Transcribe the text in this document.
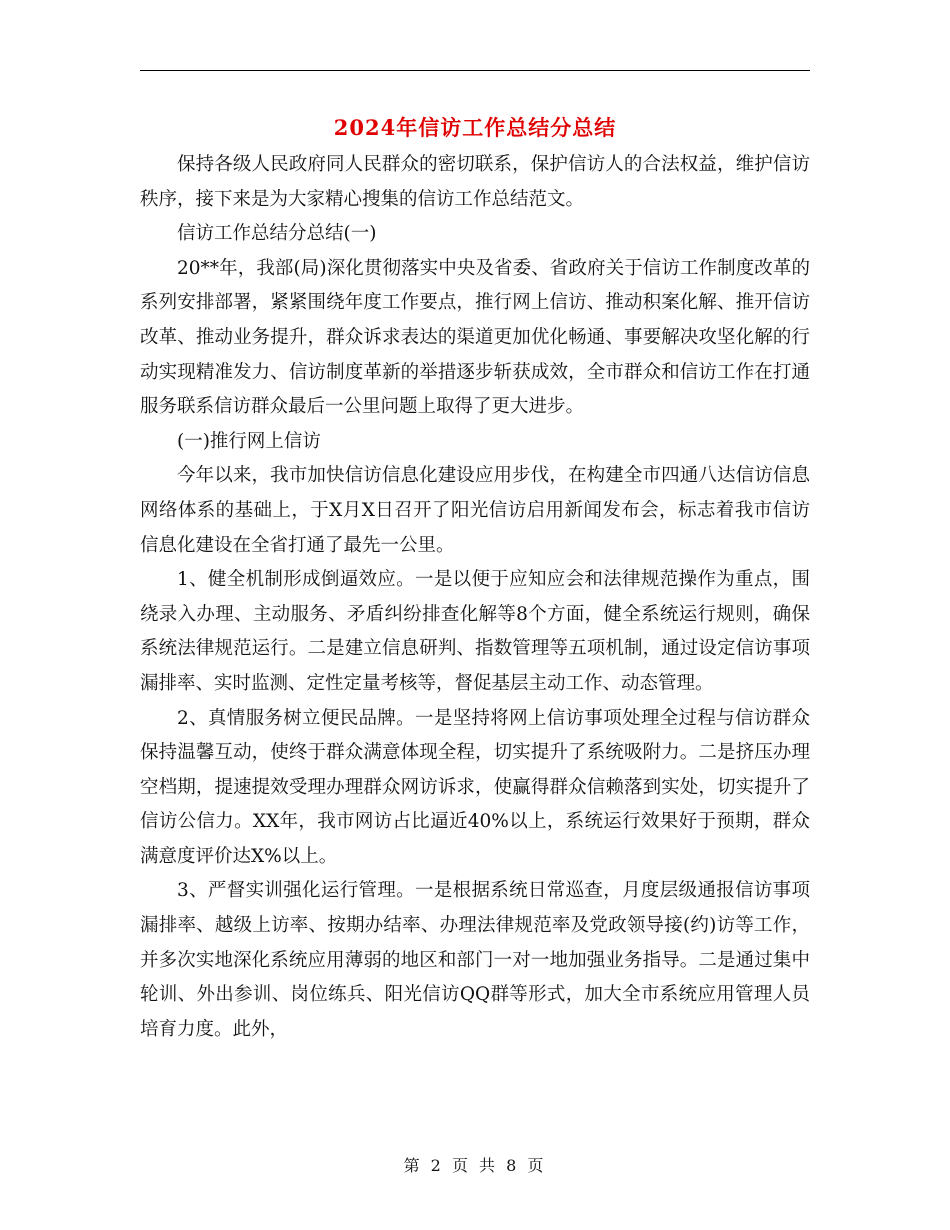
2024年信访工作总结分总结

保持各级人民政府同人民群众的密切联系，保护信访人的合法权益，维护信访秩序，接下来是为大家精心搜集的信访工作总结范文。

信访工作总结分总结(一)

20**年，我部(局)深化贯彻落实中央及省委、省政府关于信访工作制度改革的系列安排部署，紧紧围绕年度工作要点，推行网上信访、推动积案化解、推开信访改革、推动业务提升，群众诉求表达的渠道更加优化畅通、事要解决攻坚化解的行动实现精准发力、信访制度革新的举措逐步斩获成效，全市群众和信访工作在打通服务联系信访群众最后一公里问题上取得了更大进步。

(一)推行网上信访

今年以来，我市加快信访信息化建设应用步伐，在构建全市四通八达信访信息网络体系的基础上，于X月X日召开了阳光信访启用新闻发布会，标志着我市信访信息化建设在全省打通了最先一公里。

1、健全机制形成倒逼效应。一是以便于应知应会和法律规范操作为重点，围绕录入办理、主动服务、矛盾纠纷排查化解等8个方面，健全系统运行规则，确保系统法律规范运行。二是建立信息研判、指数管理等五项机制，通过设定信访事项漏排率、实时监测、定性定量考核等，督促基层主动工作、动态管理。

2、真情服务树立便民品牌。一是坚持将网上信访事项处理全过程与信访群众保持温馨互动，使终于群众满意体现全程，切实提升了系统吸附力。二是挤压办理空档期，提速提效受理办理群众网访诉求，使赢得群众信赖落到实处，切实提升了信访公信力。XX年，我市网访占比逼近40%以上，系统运行效果好于预期，群众满意度评价达X%以上。

3、严督实训强化运行管理。一是根据系统日常巡查，月度层级通报信访事项漏排率、越级上访率、按期办结率、办理法律规范率及党政领导接(约)访等工作，并多次实地深化系统应用薄弱的地区和部门一对一地加强业务指导。二是通过集中轮训、外出参训、岗位练兵、阳光信访QQ群等形式，加大全市系统应用管理人员培育力度。此外，

第 2 页 共 8 页
